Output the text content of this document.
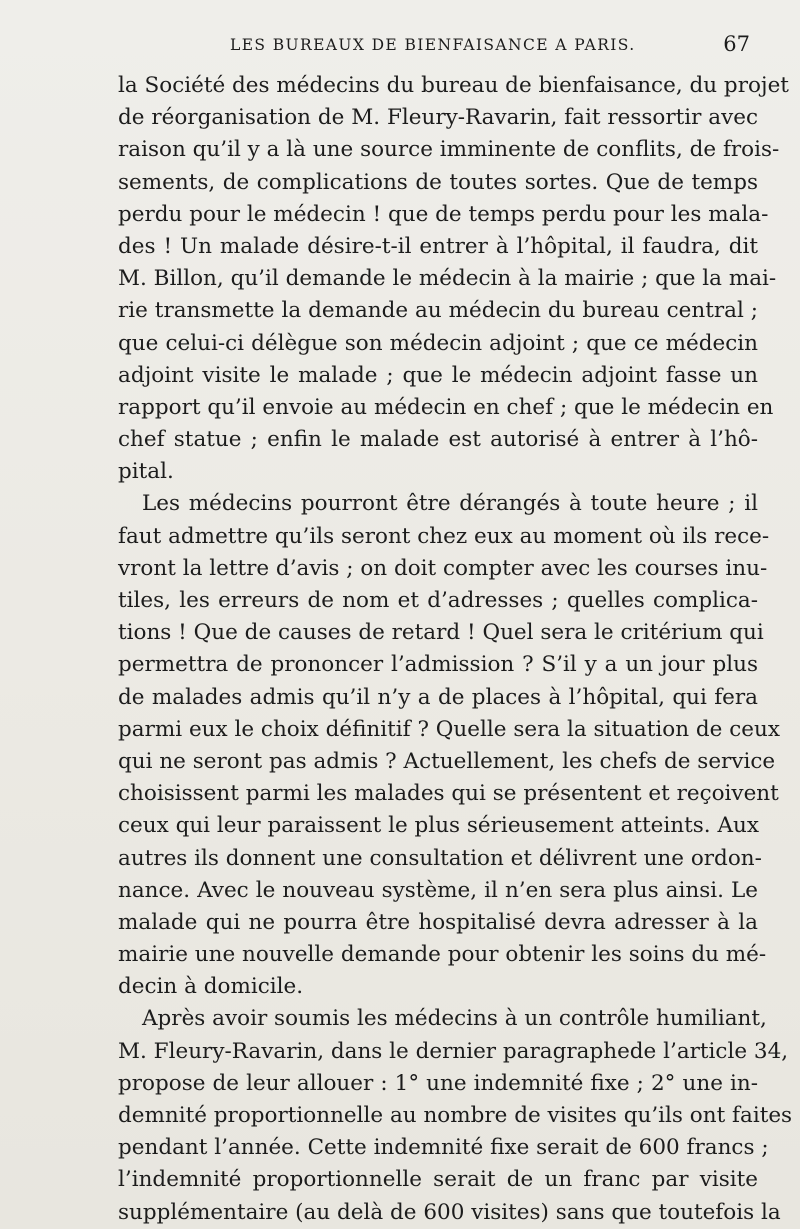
LES BUREAUX DE BIENFAISANCE A PARIS.	67
la Société des médecins du bureau de bienfaisance, du projet
de réorganisation de M. Fleury-Ravarin, fait ressortir avec
raison qu’il y a là une source imminente de conflits, de frois-
sements, de complications de toutes sortes. Que de temps
perdu pour le médecin ! que de temps perdu pour les mala-
des ! Un malade désire-t-il entrer à l’hôpital, il faudra, dit
M. Billon, qu’il demande le médecin à la mairie ; que la mai-
rie transmette la demande au médecin du bureau central ;
que celui-ci délègue son médecin adjoint ; que ce médecin
adjoint visite le malade ; que le médecin adjoint fasse un
rapport qu’il envoie au médecin en chef ; que le médecin en
chef statue ; enfin le malade est autorisé à entrer à l’hô-
pital.
Les médecins pourront être dérangés à toute heure ; il
faut admettre qu’ils seront chez eux au moment où ils rece-
vront la lettre d’avis ; on doit compter avec les courses inu-
tiles, les erreurs de nom et d’adresses ; quelles complica-
tions ! Que de causes de retard ! Quel sera le critérium qui
permettra de prononcer l’admission ? S’il y a un jour plus
de malades admis qu’il n’y a de places à l’hôpital, qui fera
parmi eux le choix définitif ? Quelle sera la situation de ceux
qui ne seront pas admis ? Actuellement, les chefs de service
choisissent parmi les malades qui se présentent et reçoivent
ceux qui leur paraissent le plus sérieusement atteints. Aux
autres ils donnent une consultation et délivrent une ordon-
nance. Avec le nouveau système, il n’en sera plus ainsi. Le
malade qui ne pourra être hospitalisé devra adresser à la
mairie une nouvelle demande pour obtenir les soins du mé-
decin à domicile.
Après avoir soumis les médecins à un contrôle humiliant,
M. Fleury-Ravarin, dans le dernier paragraphede l’article 34,
propose de leur allouer : 1° une indemnité fixe ; 2° une in-
demnité proportionnelle au nombre de visites qu’ils ont faites
pendant l’année. Cette indemnité fixe serait de 600 francs ;
l’indemnité proportionnelle serait de un franc par visite
supplémentaire (au delà de 600 visites) sans que toutefois la
